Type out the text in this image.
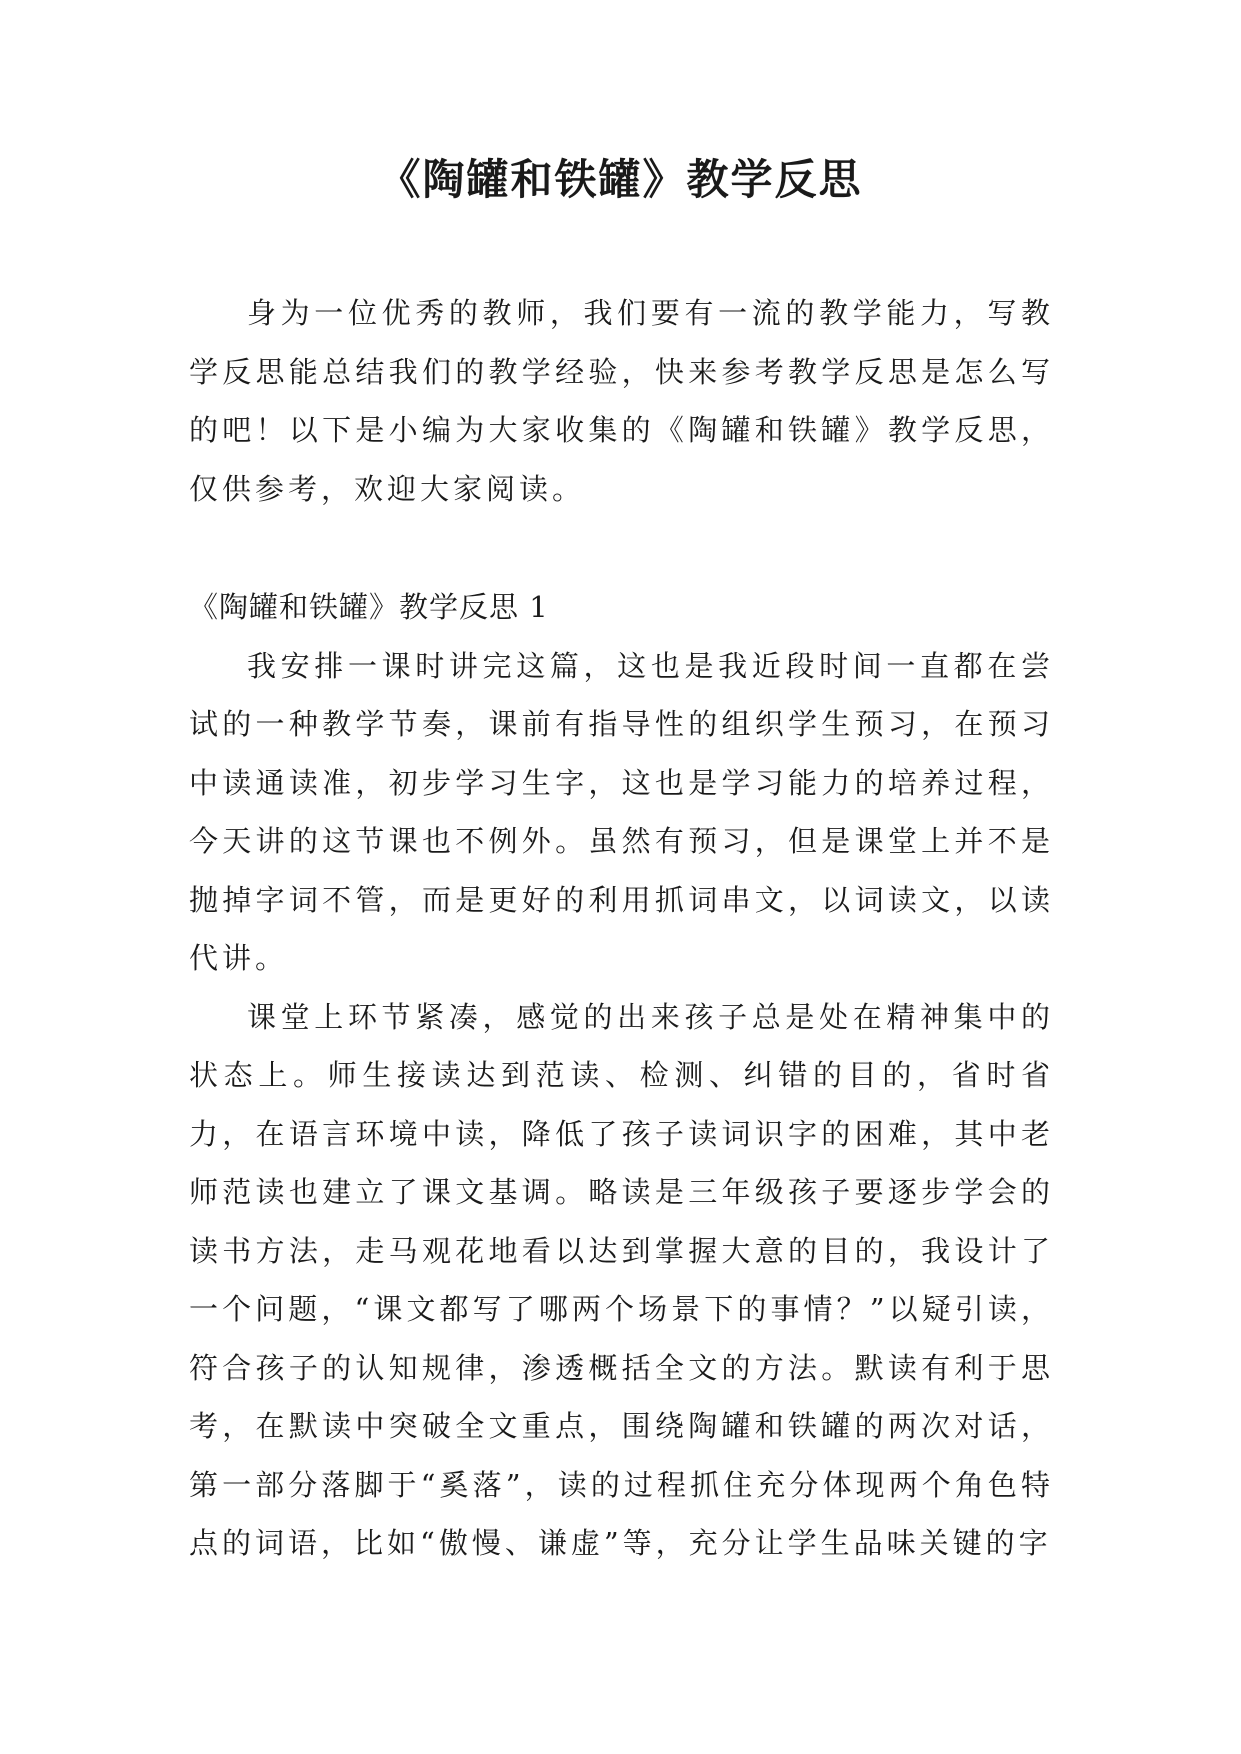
《陶罐和铁罐》教学反思

身为一位优秀的教师，我们要有一流的教学能力，写教学反思能总结我们的教学经验，快来参考教学反思是怎么写的吧！以下是小编为大家收集的《陶罐和铁罐》教学反思，仅供参考，欢迎大家阅读。

《陶罐和铁罐》教学反思 1

我安排一课时讲完这篇，这也是我近段时间一直都在尝试的一种教学节奏，课前有指导性的组织学生预习，在预习中读通读准，初步学习生字，这也是学习能力的培养过程，今天讲的这节课也不例外。虽然有预习，但是课堂上并不是抛掉字词不管，而是更好的利用抓词串文，以词读文，以读代讲。

课堂上环节紧凑，感觉的出来孩子总是处在精神集中的状态上。师生接读达到范读、检测、纠错的目的，省时省力，在语言环境中读，降低了孩子读词识字的困难，其中老师范读也建立了课文基调。略读是三年级孩子要逐步学会的读书方法，走马观花地看以达到掌握大意的目的，我设计了一个问题，“课文都写了哪两个场景下的事情？”以疑引读，符合孩子的认知规律，渗透概括全文的方法。默读有利于思考，在默读中突破全文重点，围绕陶罐和铁罐的两次对话，第一部分落脚于“奚落”，读的过程抓住充分体现两个角色特点的词语，比如“傲慢、谦虚”等，充分让学生品味关键的字
